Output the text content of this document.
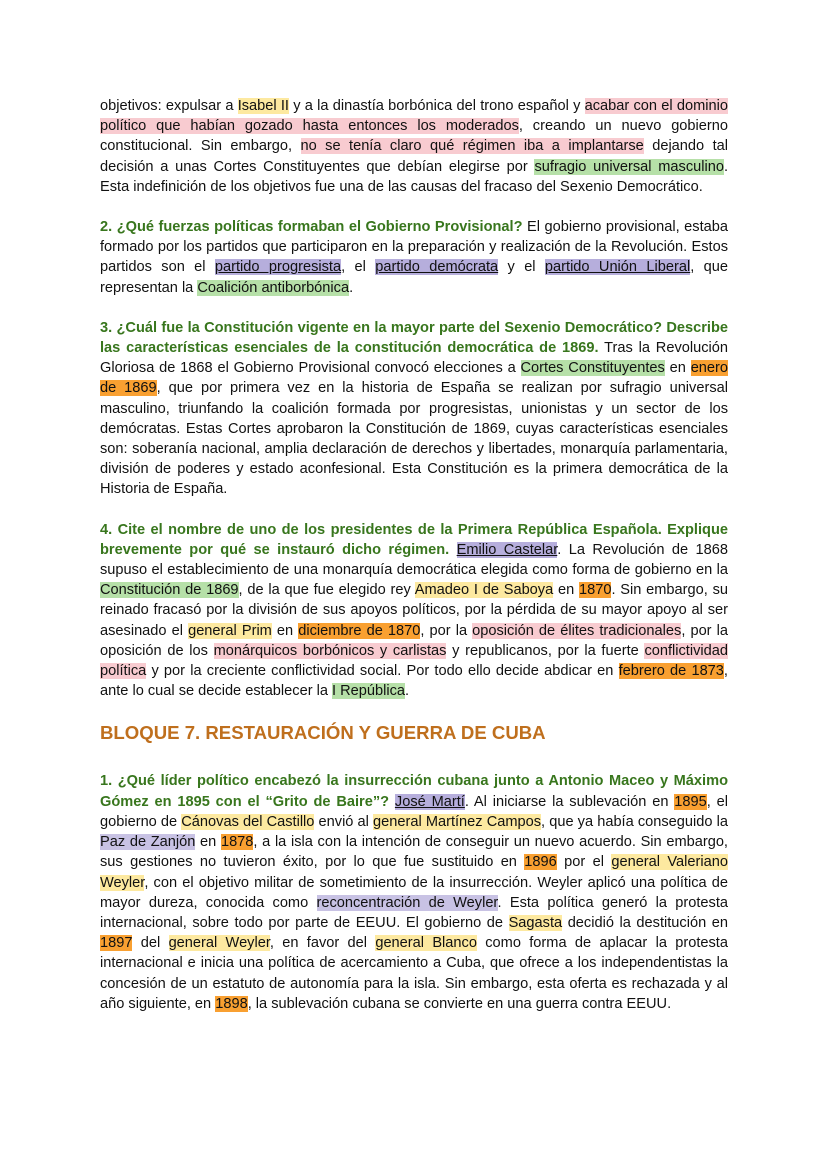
objetivos: expulsar a Isabel II y a la dinastía borbónica del trono español y acabar con el dominio político que habían gozado hasta entonces los moderados, creando un nuevo gobierno constitucional. Sin embargo, no se tenía claro qué régimen iba a implantarse dejando tal decisión a unas Cortes Constituyentes que debían elegirse por sufragio universal masculino. Esta indefinición de los objetivos fue una de las causas del fracaso del Sexenio Democrático.

2. ¿Qué fuerzas políticas formaban el Gobierno Provisional? El gobierno provisional, estaba formado por los partidos que participaron en la preparación y realización de la Revolución. Estos partidos son el partido progresista, el partido demócrata y el partido Unión Liberal, que representan la Coalición antiborbónica.

3. ¿Cuál fue la Constitución vigente en la mayor parte del Sexenio Democrático? Describe las características esenciales de la constitución democrática de 1869. Tras la Revolución Gloriosa de 1868 el Gobierno Provisional convocó elecciones a Cortes Constituyentes en enero de 1869, que por primera vez en la historia de España se realizan por sufragio universal masculino, triunfando la coalición formada por progresistas, unionistas y un sector de los demócratas. Estas Cortes aprobaron la Constitución de 1869, cuyas características esenciales son: soberanía nacional, amplia declaración de derechos y libertades, monarquía parlamentaria, división de poderes y estado aconfesional. Esta Constitución es la primera democrática de la Historia de España.

4. Cite el nombre de uno de los presidentes de la Primera República Española. Explique brevemente por qué se instauró dicho régimen. Emilio Castelar. La Revolución de 1868 supuso el establecimiento de una monarquía democrática elegida como forma de gobierno en la Constitución de 1869, de la que fue elegido rey Amadeo I de Saboya en 1870. Sin embargo, su reinado fracasó por la división de sus apoyos políticos, por la pérdida de su mayor apoyo al ser asesinado el general Prim en diciembre de 1870, por la oposición de élites tradicionales, por la oposición de los monárquicos borbónicos y carlistas y republicanos, por la fuerte conflictividad política y por la creciente conflictividad social. Por todo ello decide abdicar en febrero de 1873, ante lo cual se decide establecer la I República.

BLOQUE 7. RESTAURACIÓN Y GUERRA DE CUBA

1. ¿Qué líder político encabezó la insurrección cubana junto a Antonio Maceo y Máximo Gómez en 1895 con el “Grito de Baire”? José Martí. Al iniciarse la sublevación en 1895, el gobierno de Cánovas del Castillo envió al general Martínez Campos, que ya había conseguido la Paz de Zanjón en 1878, a la isla con la intención de conseguir un nuevo acuerdo. Sin embargo, sus gestiones no tuvieron éxito, por lo que fue sustituido en 1896 por el general Valeriano Weyler, con el objetivo militar de sometimiento de la insurrección. Weyler aplicó una política de mayor dureza, conocida como reconcentración de Weyler. Esta política generó la protesta internacional, sobre todo por parte de EEUU. El gobierno de Sagasta decidió la destitución en 1897 del general Weyler, en favor del general Blanco como forma de aplacar la protesta internacional e inicia una política de acercamiento a Cuba, que ofrece a los independentistas la concesión de un estatuto de autonomía para la isla. Sin embargo, esta oferta es rechazada y al año siguiente, en 1898, la sublevación cubana se convierte en una guerra contra EEUU.
